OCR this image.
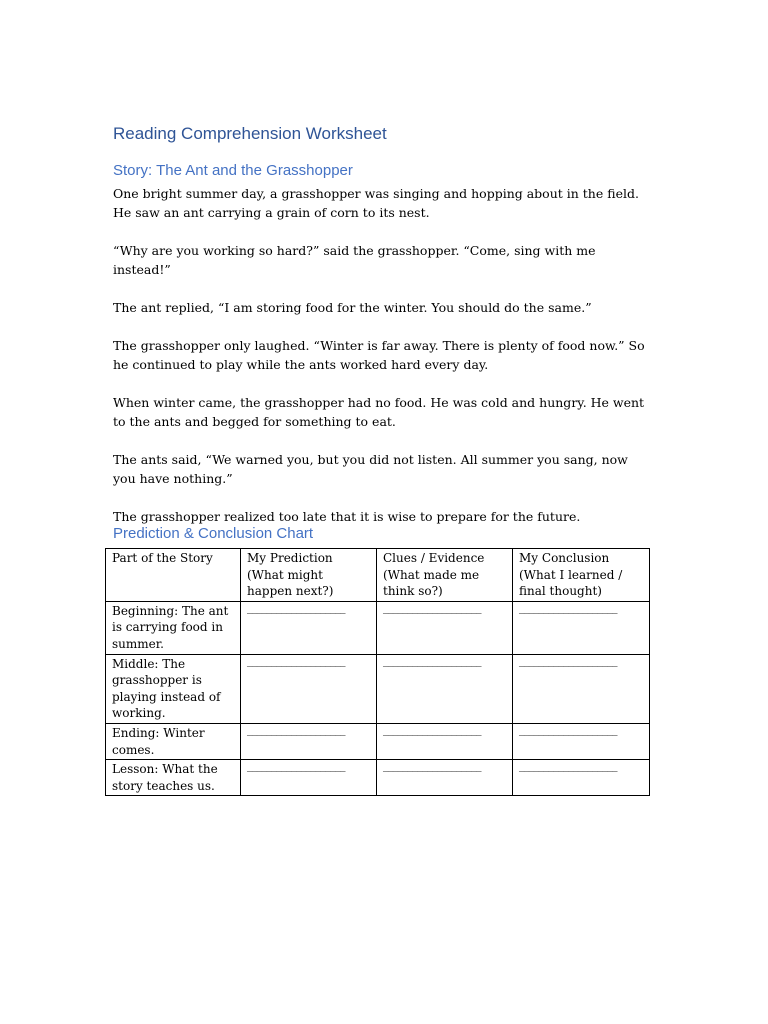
Reading Comprehension Worksheet
Story: The Ant and the Grasshopper

One bright summer day, a grasshopper was singing and hopping about in the field. He saw an ant carrying a grain of corn to its nest.

“Why are you working so hard?” said the grasshopper. “Come, sing with me instead!”

The ant replied, “I am storing food for the winter. You should do the same.”

The grasshopper only laughed. “Winter is far away. There is plenty of food now.” So he continued to play while the ants worked hard every day.

When winter came, the grasshopper had no food. He was cold and hungry. He went to the ants and begged for something to eat.

The ants said, “We warned you, but you did not listen. All summer you sang, now you have nothing.”

The grasshopper realized too late that it is wise to prepare for the future.

Prediction & Conclusion Chart
Part of the Story	My Prediction (What might happen next?)	Clues / Evidence (What made me think so?)	My Conclusion (What I learned / final thought)
Beginning: The ant is carrying food in summer.	____________________	____________________	____________________
Middle: The grasshopper is playing instead of working.	____________________	____________________	____________________
Ending: Winter comes.	____________________	____________________	____________________
Lesson: What the story teaches us.	____________________	____________________	____________________
